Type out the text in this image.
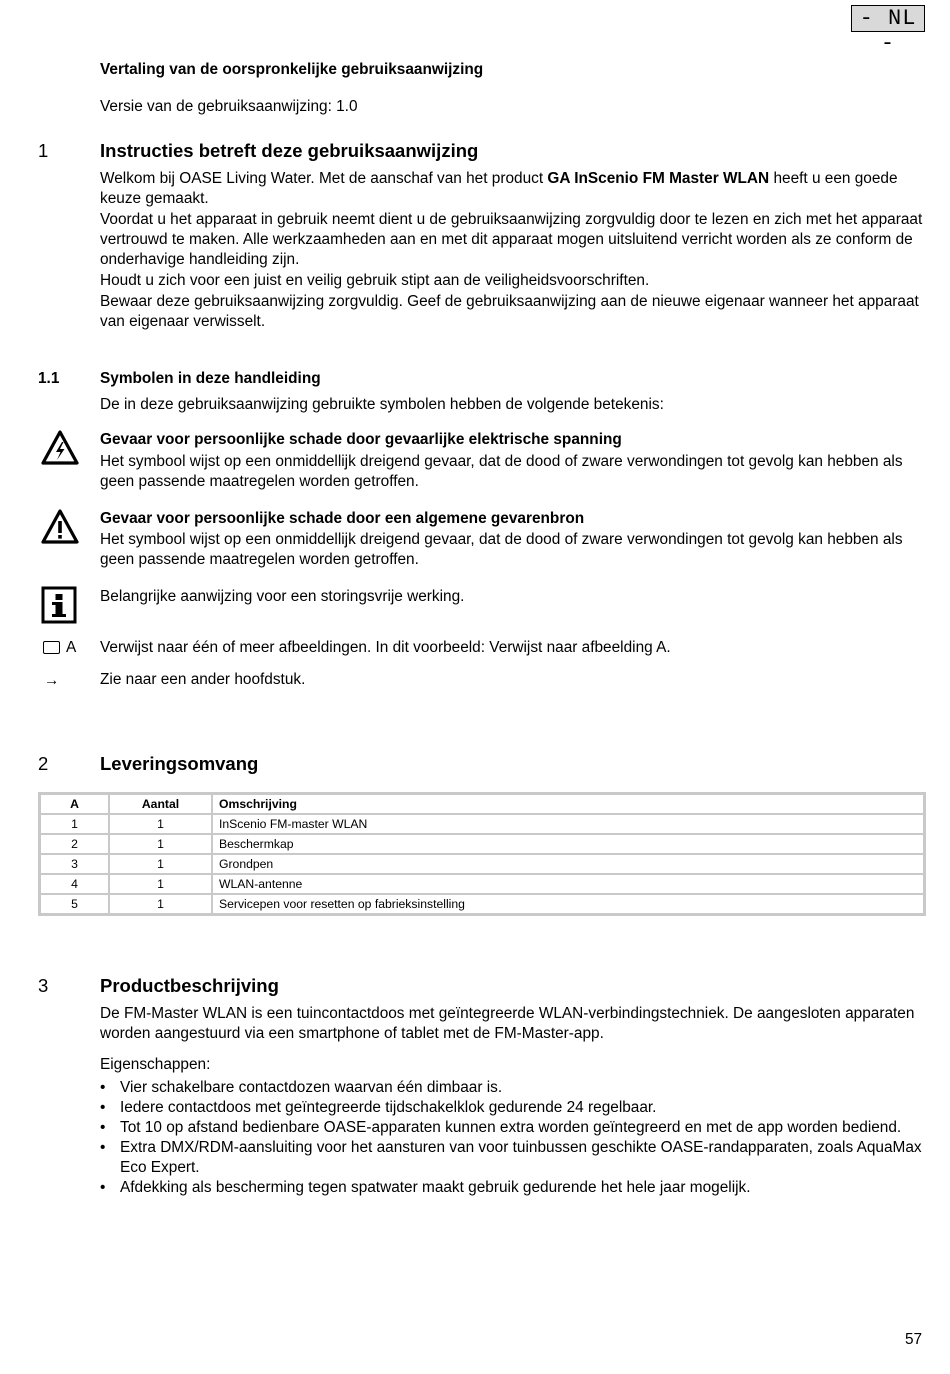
- NL -
Vertaling van de oorspronkelijke gebruiksaanwijzing
Versie van de gebruiksaanwijzing: 1.0
1	Instructies betreft deze gebruiksaanwijzing
Welkom bij OASE Living Water. Met de aanschaf van het product GA InScenio FM Master WLAN heeft u een goede keuze gemaakt.
Voordat u het apparaat in gebruik neemt dient u de gebruiksaanwijzing zorgvuldig door te lezen en zich met het apparaat vertrouwd te maken. Alle werkzaamheden aan en met dit apparaat mogen uitsluitend verricht worden als ze conform de onderhavige handleiding zijn.
Houdt u zich voor een juist en veilig gebruik stipt aan de veiligheidsvoorschriften.
Bewaar deze gebruiksaanwijzing zorgvuldig. Geef de gebruiksaanwijzing aan de nieuwe eigenaar wanneer het apparaat van eigenaar verwisselt.
1.1	Symbolen in deze handleiding
De in deze gebruiksaanwijzing gebruikte symbolen hebben de volgende betekenis:
Gevaar voor persoonlijke schade door gevaarlijke elektrische spanning
Het symbool wijst op een onmiddellijk dreigend gevaar, dat de dood of zware verwondingen tot gevolg kan hebben als geen passende maatregelen worden getroffen.
Gevaar voor persoonlijke schade door een algemene gevarenbron
Het symbool wijst op een onmiddellijk dreigend gevaar, dat de dood of zware verwondingen tot gevolg kan hebben als geen passende maatregelen worden getroffen.
Belangrijke aanwijzing voor een storingsvrije werking.
A Verwijst naar één of meer afbeeldingen. In dit voorbeeld: Verwijst naar afbeelding A.
→	Zie naar een ander hoofdstuk.
2	Leveringsomvang
A	Aantal	Omschrijving
1	1	InScenio FM-master WLAN
2	1	Beschermkap
3	1	Grondpen
4	1	WLAN-antenne
5	1	Servicepen voor resetten op fabrieksinstelling
3	Productbeschrijving
De FM-Master WLAN is een tuincontactdoos met geïntegreerde WLAN-verbindingstechniek. De aangesloten apparaten worden aangestuurd via een smartphone of tablet met de FM-Master-app.
Eigenschappen:
• Vier schakelbare contactdozen waarvan één dimbaar is.
• Iedere contactdoos met geïntegreerde tijdschakelklok gedurende 24 regelbaar.
• Tot 10 op afstand bedienbare OASE-apparaten kunnen extra worden geïntegreerd en met de app worden bediend.
• Extra DMX/RDM-aansluiting voor het aansturen van voor tuinbussen geschikte OASE-randapparaten, zoals AquaMax Eco Expert.
• Afdekking als bescherming tegen spatwater maakt gebruik gedurende het hele jaar mogelijk.
57
